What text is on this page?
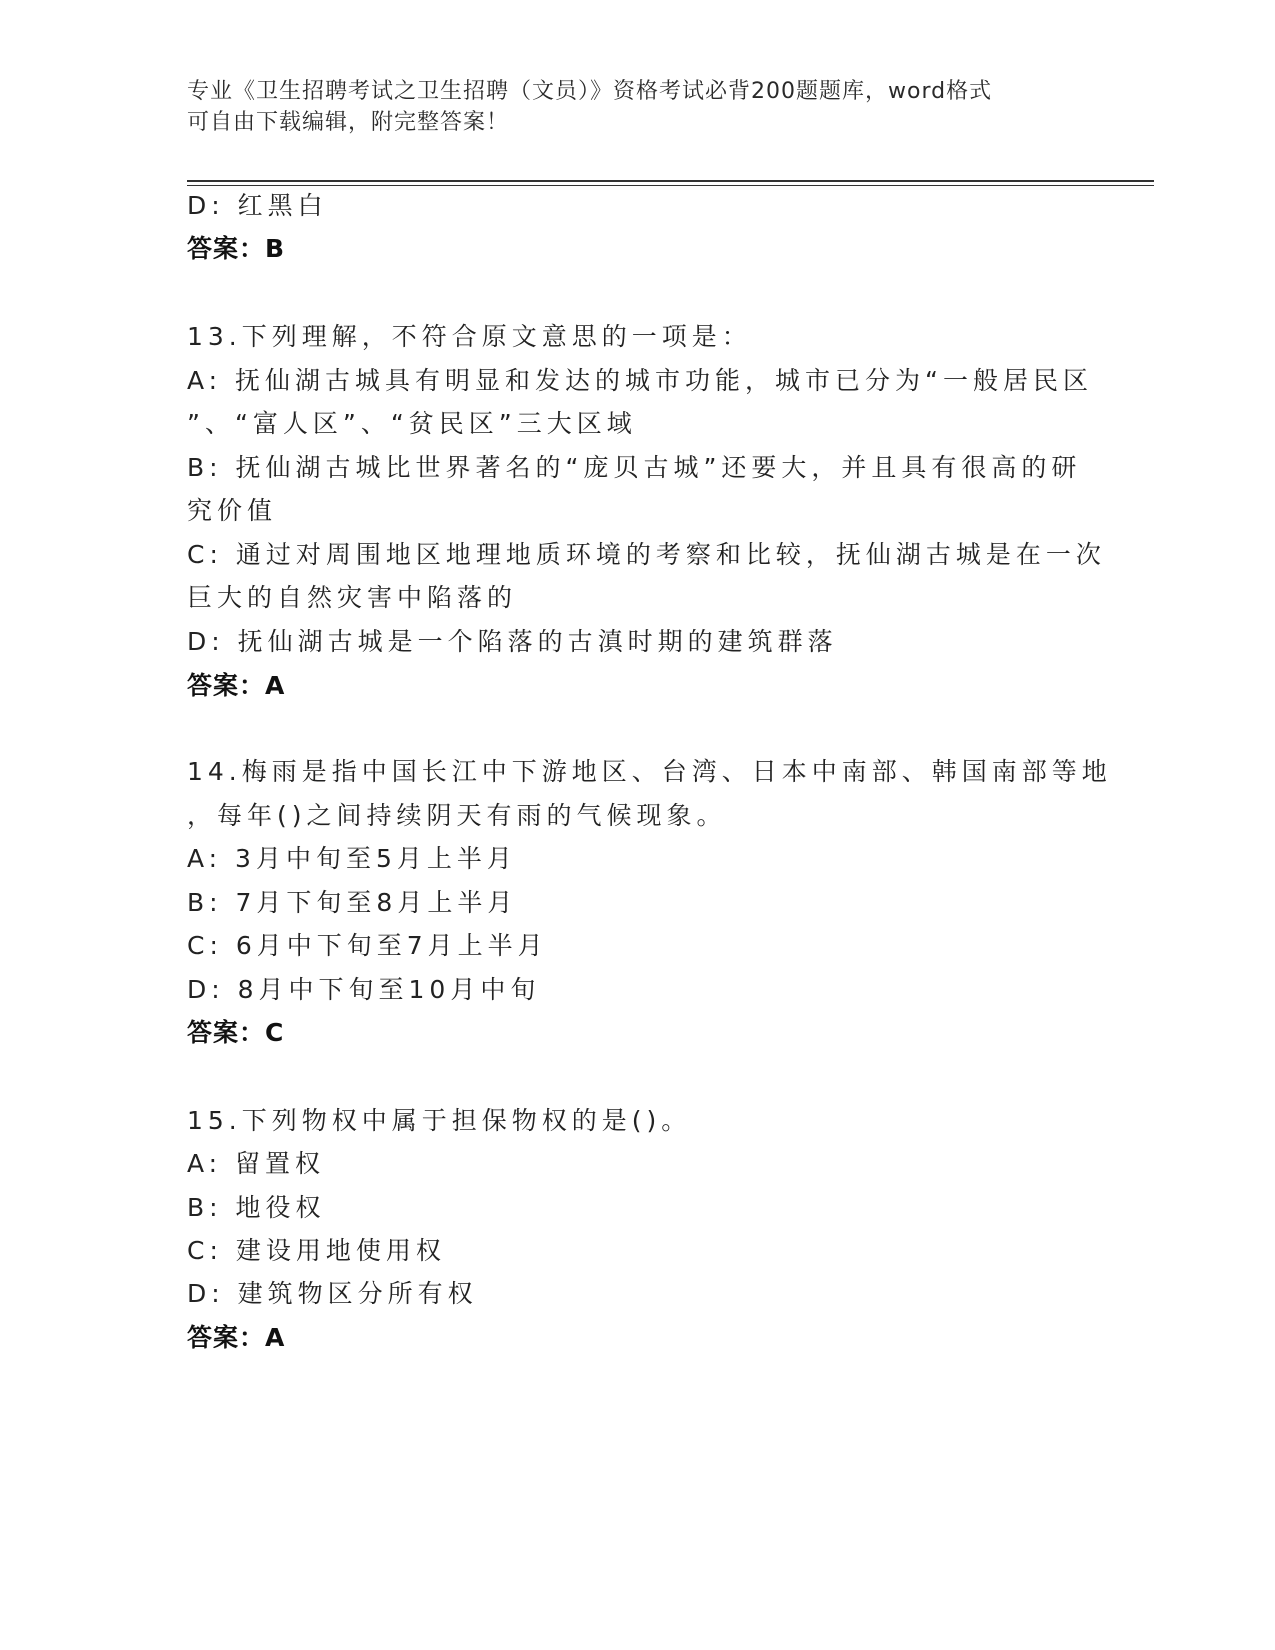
专业《卫生招聘考试之卫生招聘（文员）》资格考试必背200题题库，word格式
可自由下载编辑，附完整答案！
D: 红黑白
答案：B
13.下列理解，不符合原文意思的一项是：
A: 抚仙湖古城具有明显和发达的城市功能，城市已分为“一般居民区
”、“富人区”、“贫民区”三大区域
B: 抚仙湖古城比世界著名的“庞贝古城”还要大，并且具有很高的研
究价值
C: 通过对周围地区地理地质环境的考察和比较，抚仙湖古城是在一次
巨大的自然灾害中陷落的
D: 抚仙湖古城是一个陷落的古滇时期的建筑群落
答案：A
14.梅雨是指中国长江中下游地区、台湾、日本中南部、韩国南部等地
，每年()之间持续阴天有雨的气候现象。
A: 3月中旬至5月上半月
B: 7月下旬至8月上半月
C: 6月中下旬至7月上半月
D: 8月中下旬至10月中旬
答案：C
15.下列物权中属于担保物权的是()。
A: 留置权
B: 地役权
C: 建设用地使用权
D: 建筑物区分所有权
答案：A
